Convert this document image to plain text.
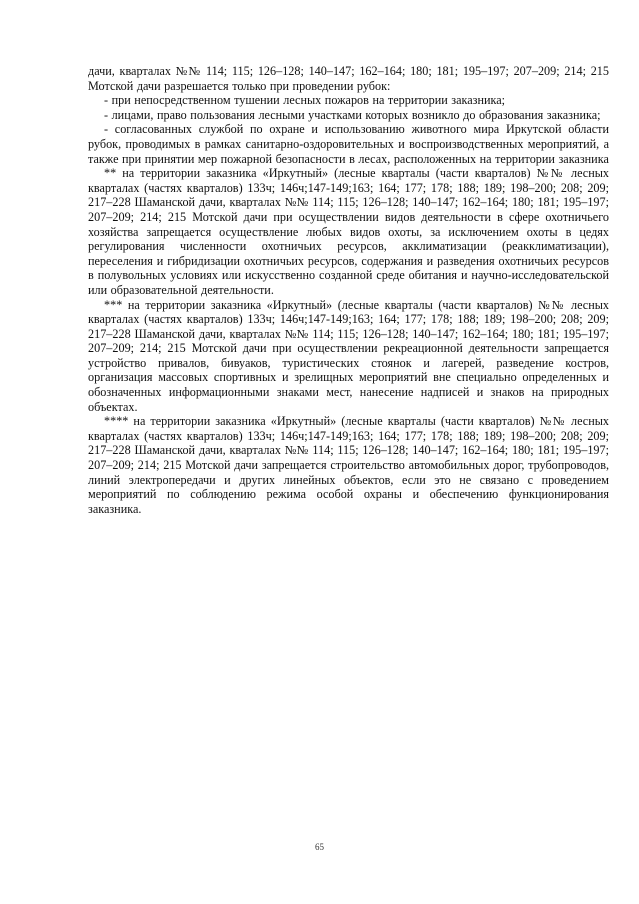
дачи, кварталах №№ 114; 115; 126–128; 140–147; 162–164; 180; 181; 195–197; 207–209; 214; 215 Мотской дачи разрешается только при проведении рубок:

- при непосредственном тушении лесных пожаров на территории заказника;

- лицами, право пользования лесными участками которых возникло до образования заказника;

- согласованных службой по охране и использованию животного мира Иркутской области рубок, проводимых в рамках санитарно-оздоровительных и воспроизводственных мероприятий, а также при принятии мер пожарной безопасности в лесах, расположенных на территории заказника

** на территории заказника «Иркутный» (лесные кварталы (части кварталов) №№ лесных кварталах (частях кварталов) 133ч; 146ч;147-149;163; 164; 177; 178; 188; 189; 198–200; 208; 209; 217–228 Шаманской дачи, кварталах №№ 114; 115; 126–128; 140–147; 162–164; 180; 181; 195–197; 207–209; 214; 215 Мотской дачи при осуществлении видов деятельности в сфере охотничьего хозяйства запрещается осуществление любых видов охоты, за исключением охоты в цедях регулирования численности охотничьих ресурсов, акклиматизации (реакклиматизации), переселения и гибридизации охотничьих ресурсов, содержания и разведения охотничьих ресурсов в полувольных условиях или искусственно созданной среде обитания и научно-исследовательской или образовательной деятельности.

*** на территории заказника «Иркутный» (лесные кварталы (части кварталов) №№ лесных кварталах (частях кварталов) 133ч; 146ч;147-149;163; 164; 177; 178; 188; 189; 198–200; 208; 209; 217–228 Шаманской дачи, кварталах №№ 114; 115; 126–128; 140–147; 162–164; 180; 181; 195–197; 207–209; 214; 215 Мотской дачи при осуществлении рекреационной деятельности запрещается устройство привалов, бивуаков, туристических стоянок и лагерей, разведение костров, организация массовых спортивных и зрелищных мероприятий вне специально определенных и обозначенных информационными знаками мест, нанесение надписей и знаков на природных объектах.

**** на территории заказника «Иркутный» (лесные кварталы (части кварталов) №№ лесных кварталах (частях кварталов) 133ч; 146ч;147-149;163; 164; 177; 178; 188; 189; 198–200; 208; 209; 217–228 Шаманской дачи, кварталах №№ 114; 115; 126–128; 140–147; 162–164; 180; 181; 195–197; 207–209; 214; 215 Мотской дачи запрещается строительство автомобильных дорог, трубопроводов, линий электропередачи и других линейных объектов, если это не связано с проведением мероприятий по соблюдению режима особой охраны и обеспечению функционирования заказника.

65
